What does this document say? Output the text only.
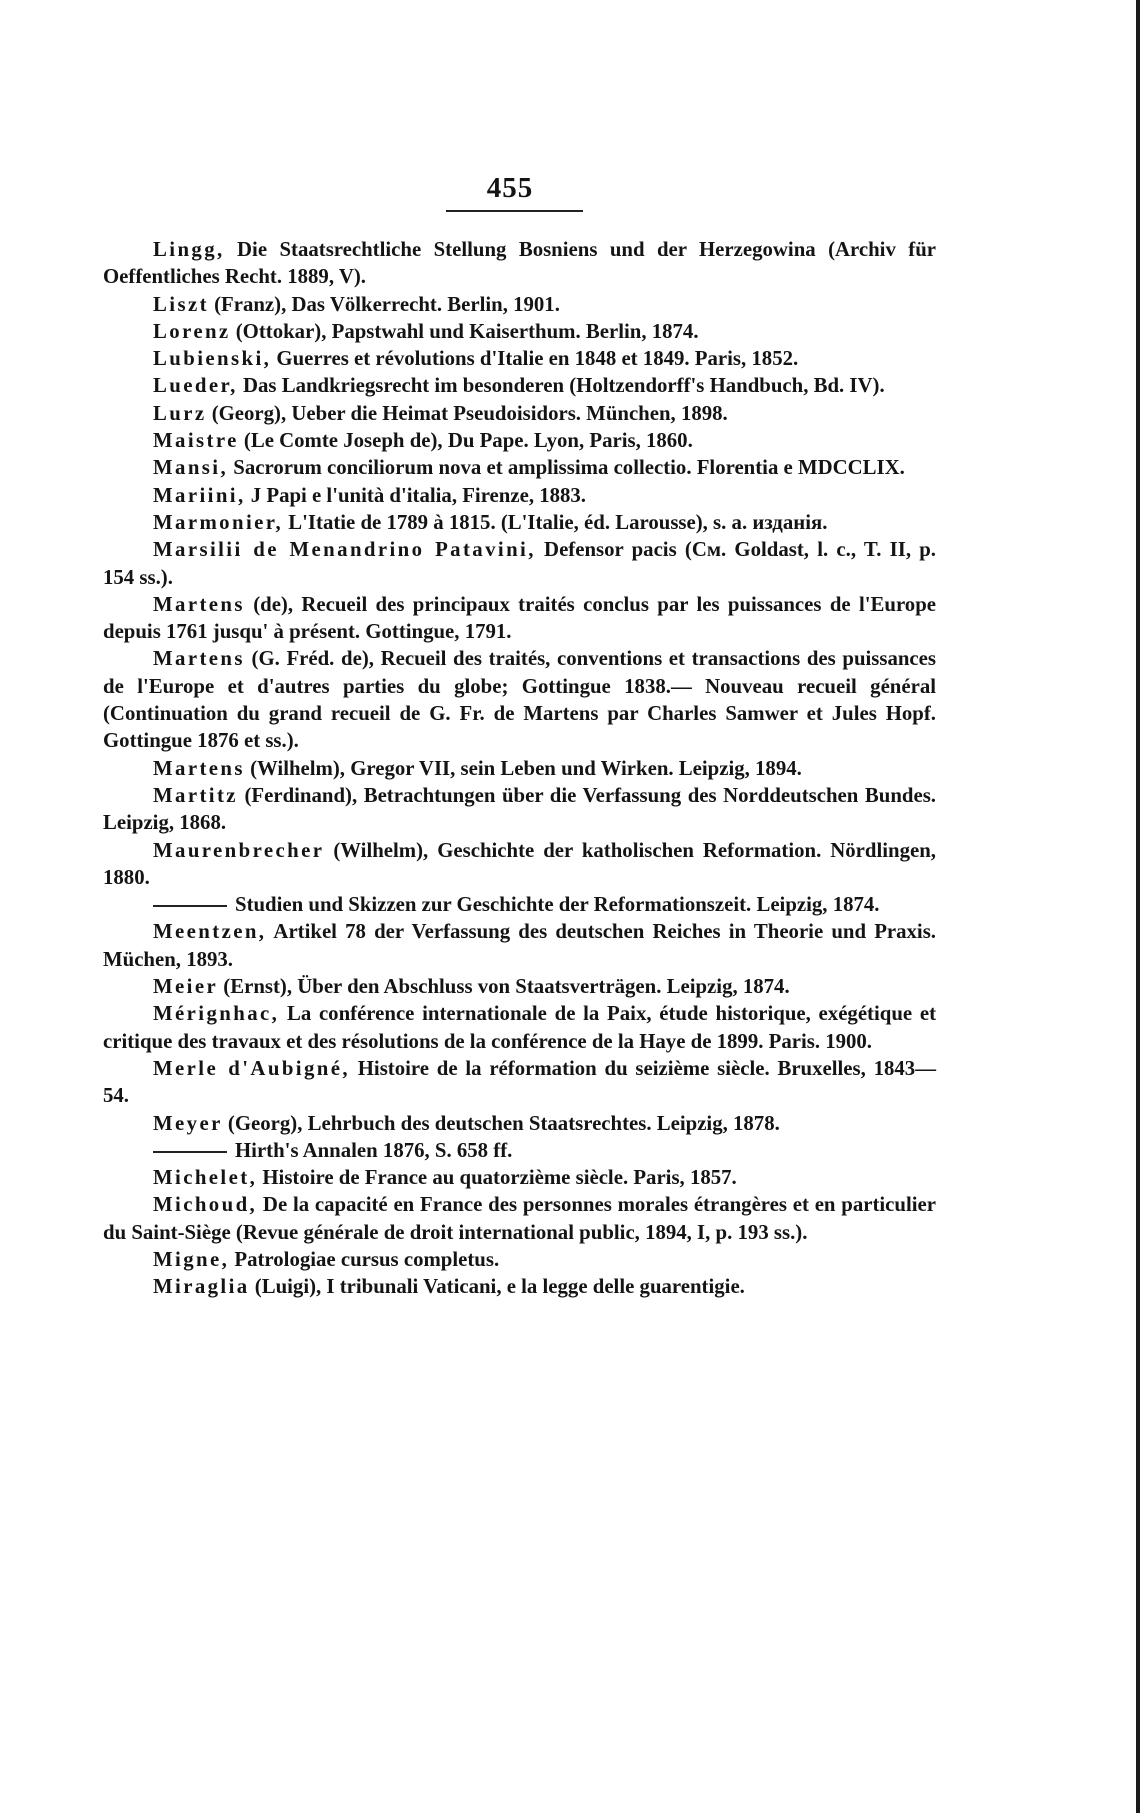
455

Lingg, Die Staatsrechtliche Stellung Bosniens und der Herzegowina (Archiv für Oeffentliches Recht. 1889, V).

Liszt (Franz), Das Völkerrecht. Berlin, 1901.

Lorenz (Ottokar), Papstwahl und Kaiserthum. Berlin, 1874.

Lubienski, Guerres et révolutions d'Italie en 1848 et 1849. Paris, 1852.

Lueder, Das Landkriegsrecht im besonderen (Holtzendorff's Handbuch, Bd. IV).

Lurz (Georg), Ueber die Heimat Pseudoisidors. München, 1898.

Maistre (Le Comte Joseph de), Du Pape. Lyon, Paris, 1860.

Mansi, Sacrorum conciliorum nova et amplissima collectio. Florentia e MDCCLIX.

Mariini, J Papi e l'unità d'italia, Firenze, 1883.

Marmonier, L'Itatie de 1789 à 1815. (L'Italie, éd. Larousse), s. a. изданія.

Marsilii de Menandrino Patavini, Defensor pacis (Cм. Goldast, l. c., T. II, p. 154 ss.).

Martens (de), Recueil des principaux traités conclus par les puissances de l'Europe depuis 1761 jusqu' à présent. Gottingue, 1791.

Martens (G. Fréd. de), Recueil des traités, conventions et transactions des puissances de l'Europe et d'autres parties du globe; Gottingue 1838.— Nouveau recueil général (Continuation du grand recueil de G. Fr. de Martens par Charles Samwer et Jules Hopf. Gottingue 1876 et ss.).

Martens (Wilhelm), Gregor VII, sein Leben und Wirken. Leipzig, 1894.

Martitz (Ferdinand), Betrachtungen über die Verfassung des Norddeutschen Bundes. Leipzig, 1868.

Maurenbrecher (Wilhelm), Geschichte der katholischen Reformation. Nördlingen, 1880.

Studien und Skizzen zur Geschichte der Reformationszeit. Leipzig, 1874.

Meentzen, Artikel 78 der Verfassung des deutschen Reiches in Theorie und Praxis. Müchen, 1893.

Meier (Ernst), Über den Abschluss von Staatsverträgen. Leipzig, 1874.

Mérignhac, La conférence internationale de la Paix, étude historique, exégétique et critique des travaux et des résolutions de la conférence de la Haye de 1899. Paris. 1900.

Merle d'Aubigné, Histoire de la réformation du seizième siècle. Bruxelles, 1843—54.

Meyer (Georg), Lehrbuch des deutschen Staatsrechtes. Leipzig, 1878.

Hirth's Annalen 1876, S. 658 ff.

Michelet, Histoire de France au quatorzième siècle. Paris, 1857.

Michoud, De la capacité en France des personnes morales étrangères et en particulier du Saint-Siège (Revue générale de droit international public, 1894, I, p. 193 ss.).

Migne, Patrologiae cursus completus.

Miraglia (Luigi), I tribunali Vaticani, e la legge delle guarentigie.
